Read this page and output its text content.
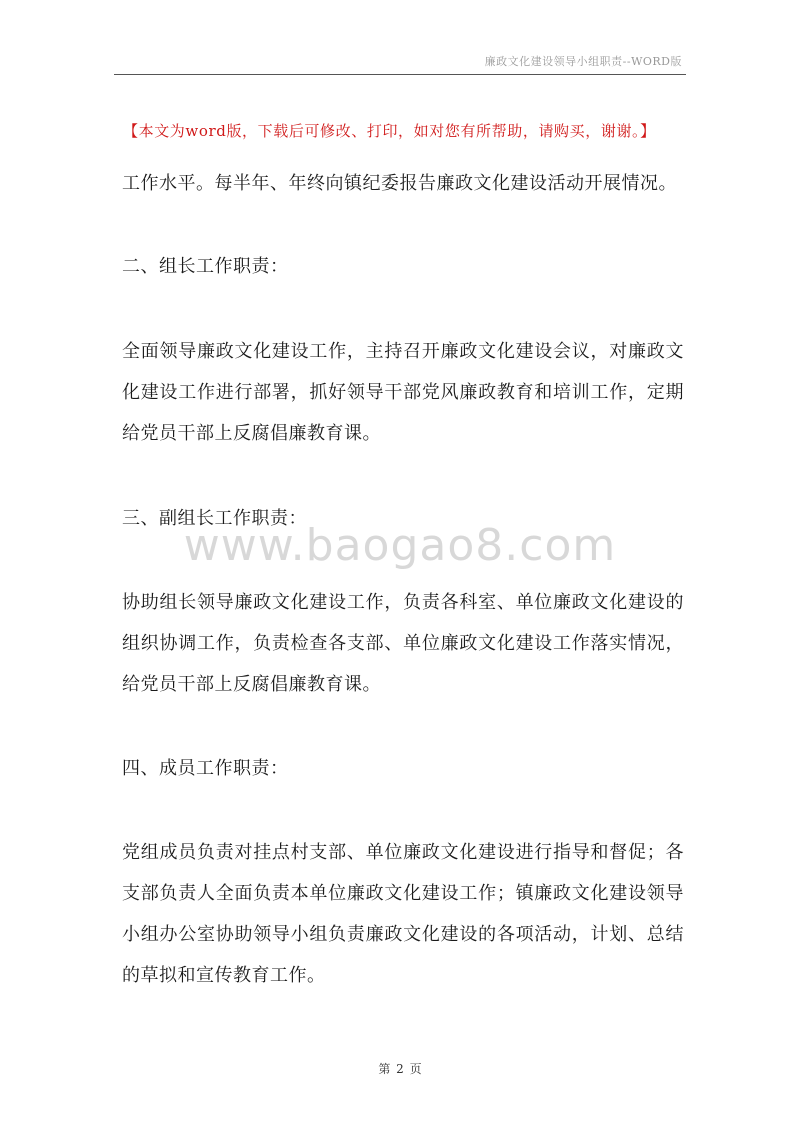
廉政文化建设领导小组职责--WORD版
【本文为word版，下载后可修改、打印，如对您有所帮助，请购买，谢谢。】

工作水平。每半年、年终向镇纪委报告廉政文化建设活动开展情况。

二、组长工作职责：

全面领导廉政文化建设工作，主持召开廉政文化建设会议，对廉政文化建设工作进行部署，抓好领导干部党风廉政教育和培训工作，定期给党员干部上反腐倡廉教育课。

三、副组长工作职责：

协助组长领导廉政文化建设工作，负责各科室、单位廉政文化建设的组织协调工作，负责检查各支部、单位廉政文化建设工作落实情况，给党员干部上反腐倡廉教育课。

四、成员工作职责：

党组成员负责对挂点村支部、单位廉政文化建设进行指导和督促；各支部负责人全面负责本单位廉政文化建设工作；镇廉政文化建设领导小组办公室协助领导小组负责廉政文化建设的各项活动，计划、总结的草拟和宣传教育工作。

www.baogao8.com
第 2 页
